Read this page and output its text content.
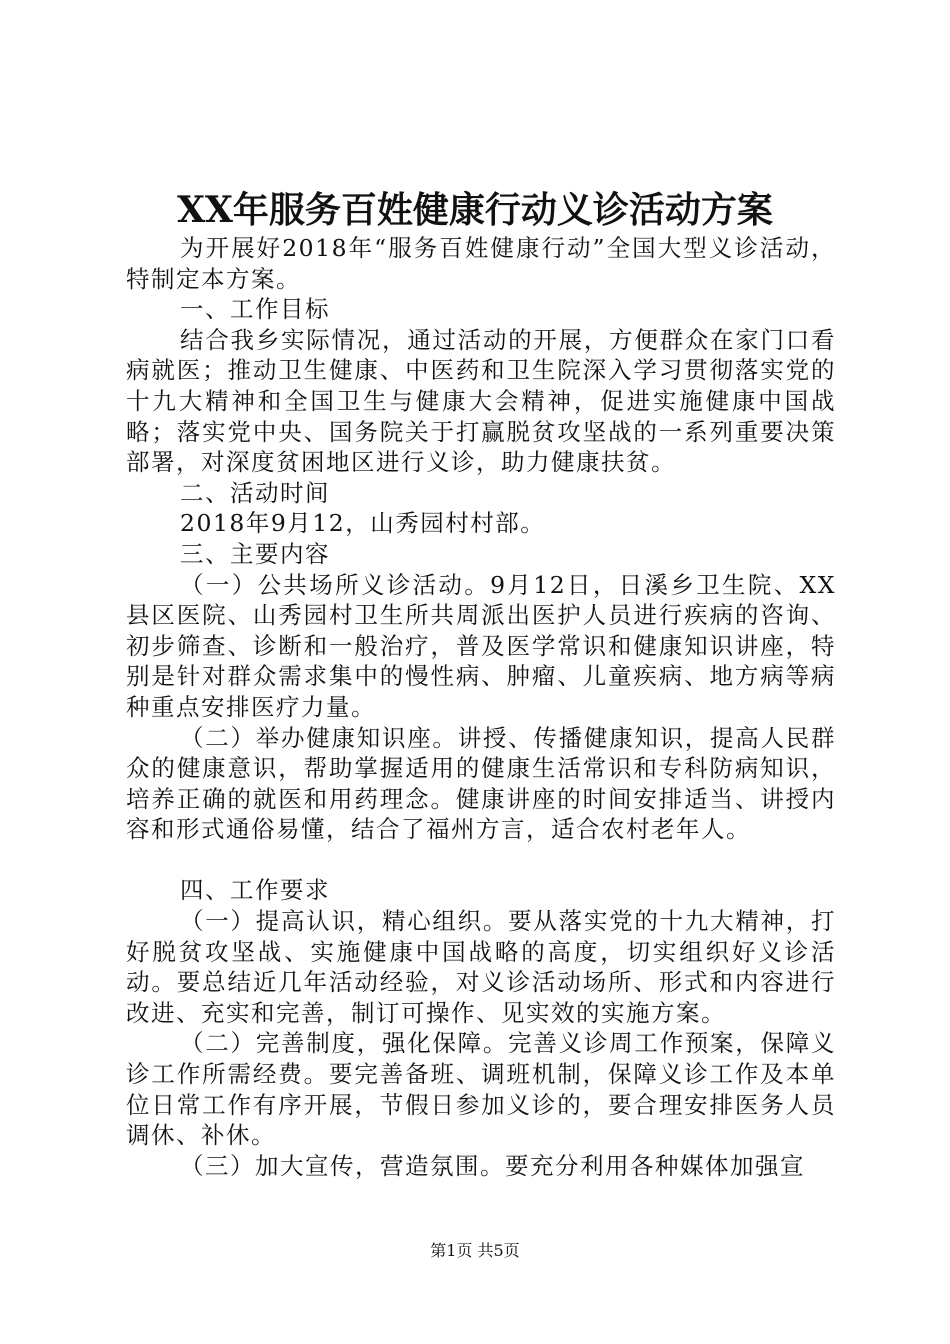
XX年服务百姓健康行动义诊活动方案

为开展好2018年“服务百姓健康行动”全国大型义诊活动，特制定本方案。

一、工作目标

结合我乡实际情况，通过活动的开展，方便群众在家门口看病就医；推动卫生健康、中医药和卫生院深入学习贯彻落实党的十九大精神和全国卫生与健康大会精神，促进实施健康中国战略；落实党中央、国务院关于打赢脱贫攻坚战的一系列重要决策部署，对深度贫困地区进行义诊，助力健康扶贫。

二、活动时间

2018年9月12，山秀园村村部。

三、主要内容

（一）公共场所义诊活动。9月12日，日溪乡卫生院、XX县区医院、山秀园村卫生所共周派出医护人员进行疾病的咨询、初步筛查、诊断和一般治疗，普及医学常识和健康知识讲座，特别是针对群众需求集中的慢性病、肿瘤、儿童疾病、地方病等病种重点安排医疗力量。

（二）举办健康知识座。讲授、传播健康知识，提高人民群众的健康意识，帮助掌握适用的健康生活常识和专科防病知识，培养正确的就医和用药理念。健康讲座的时间安排适当、讲授内容和形式通俗易懂，结合了福州方言，适合农村老年人。

四、工作要求

（一）提高认识，精心组织。要从落实党的十九大精神，打好脱贫攻坚战、实施健康中国战略的高度，切实组织好义诊活动。要总结近几年活动经验，对义诊活动场所、形式和内容进行改进、充实和完善，制订可操作、见实效的实施方案。

（二）完善制度，强化保障。完善义诊周工作预案，保障义诊工作所需经费。要完善备班、调班机制，保障义诊工作及本单位日常工作有序开展，节假日参加义诊的，要合理安排医务人员调休、补休。

（三）加大宣传，营造氛围。要充分利用各种媒体加强宣

第1页 共5页
